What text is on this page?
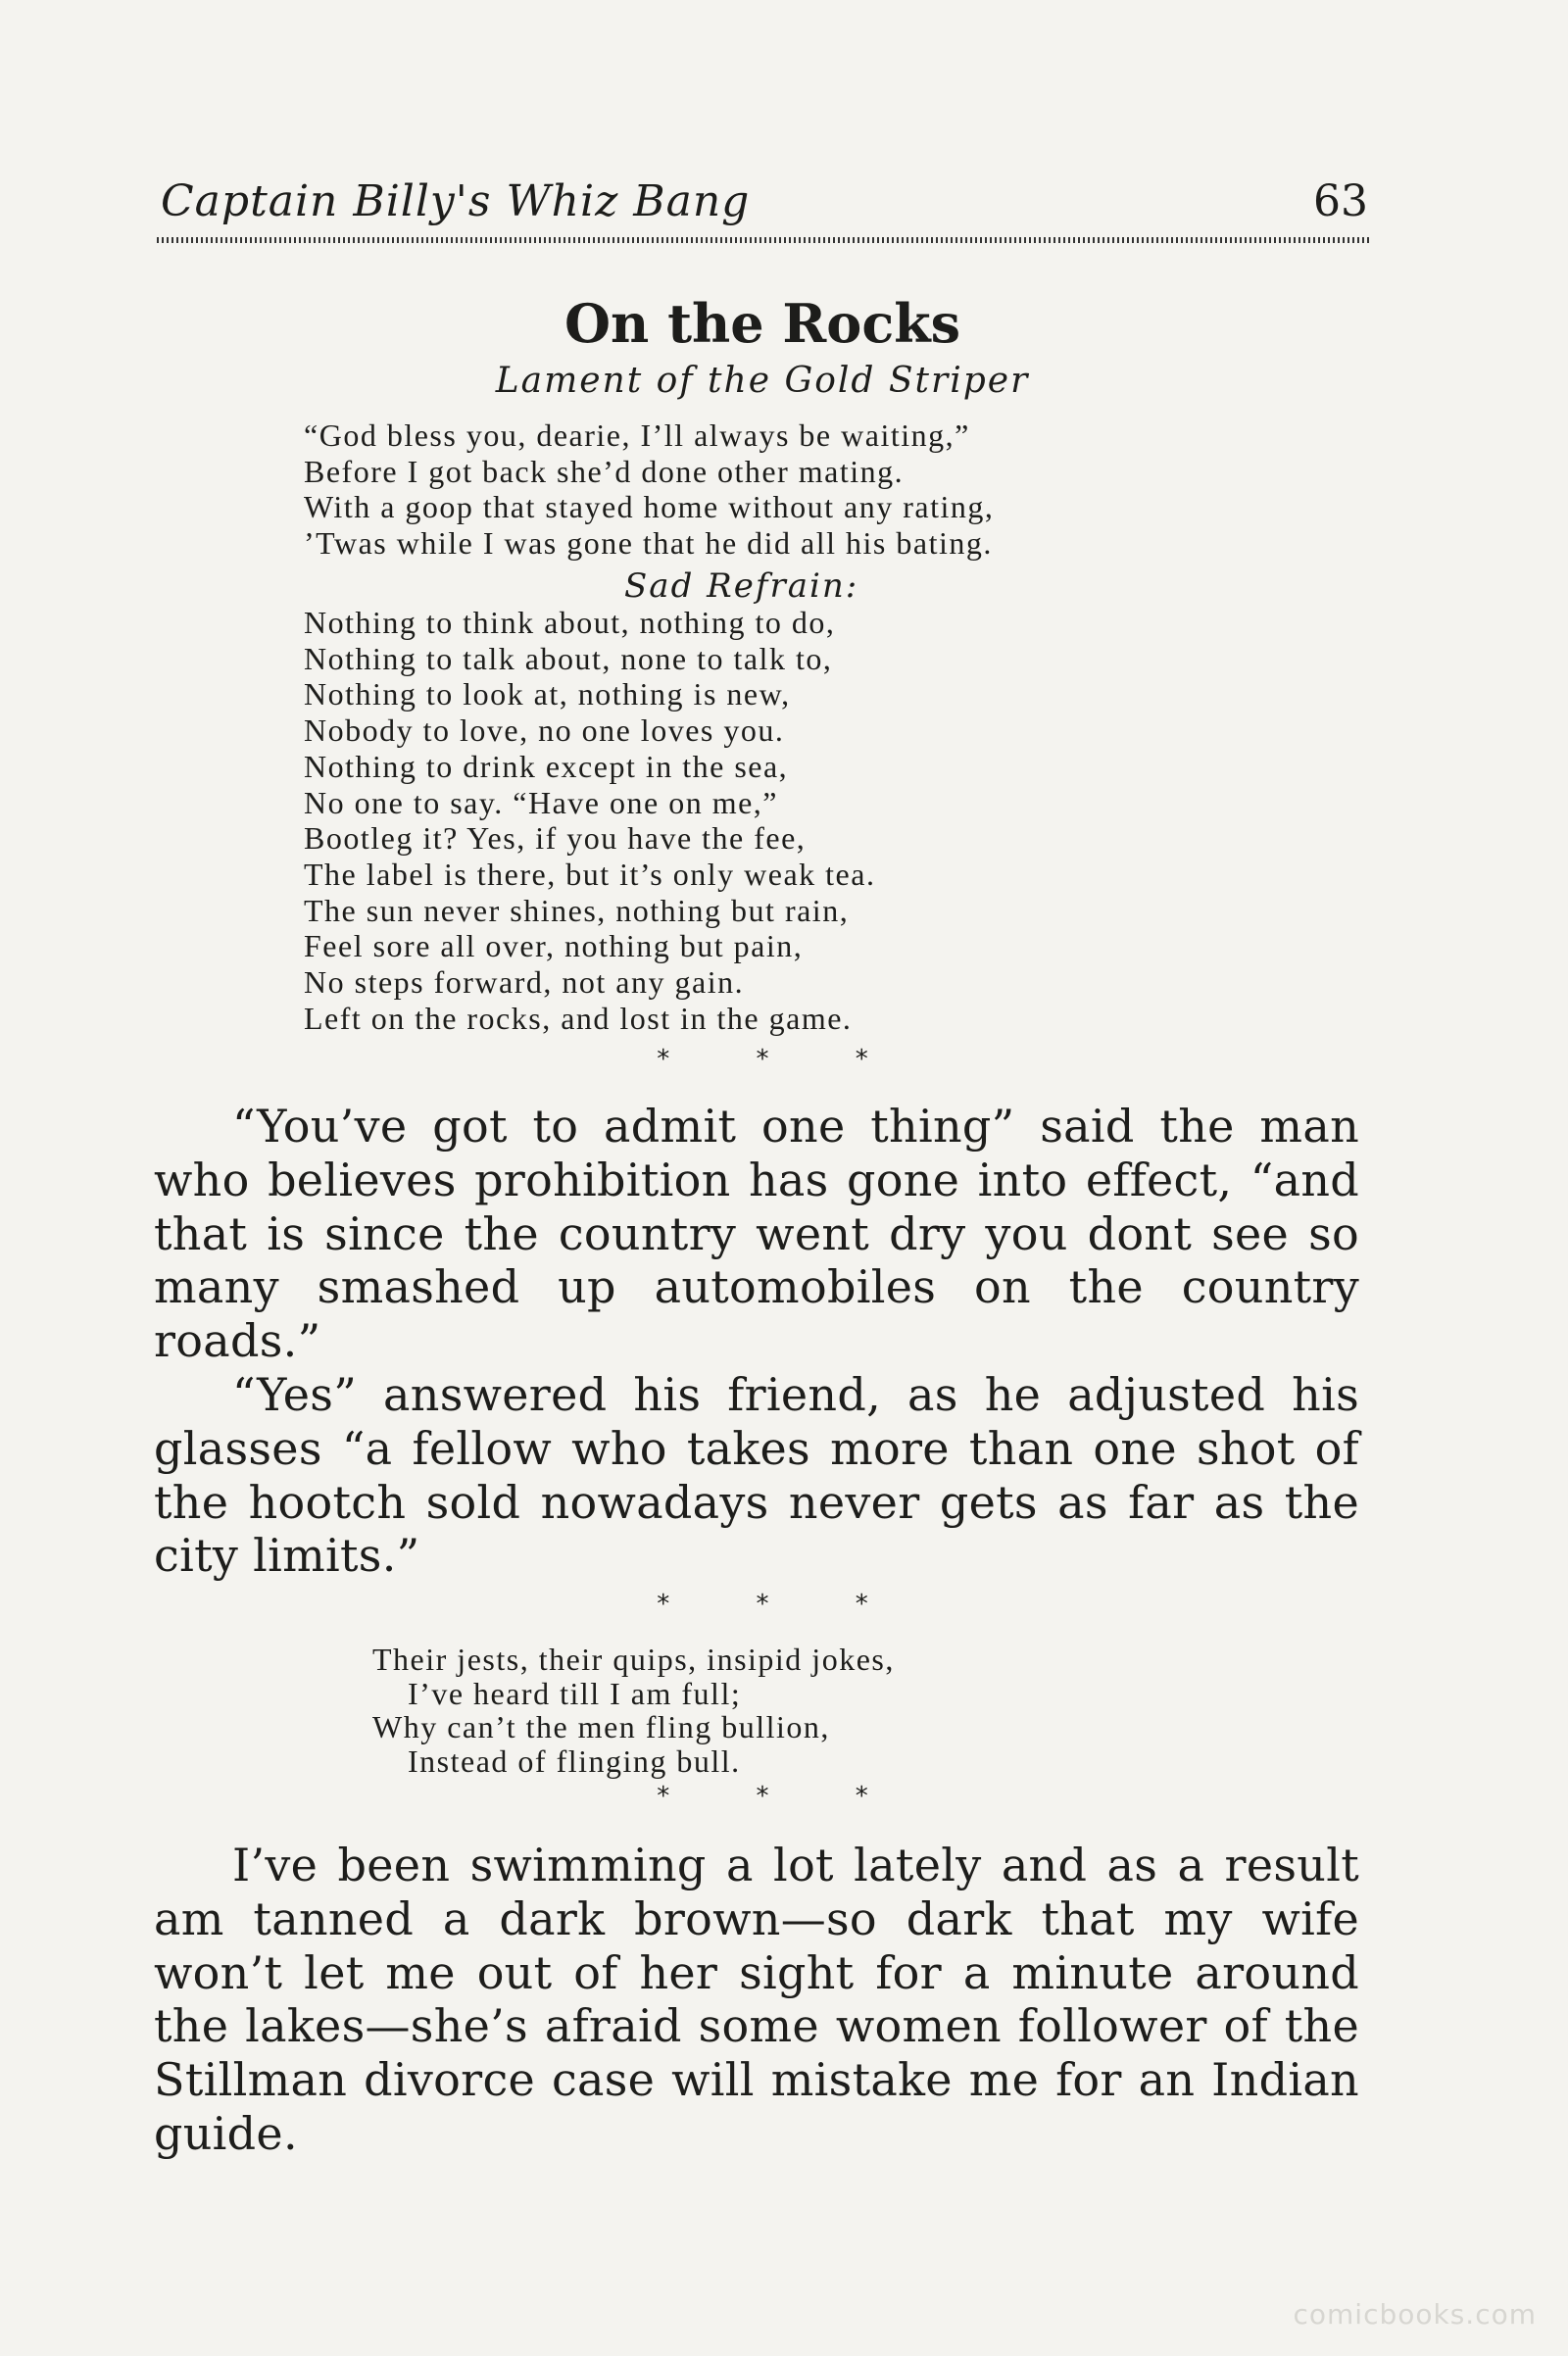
Captain Billy's Whiz Bang	63
On the Rocks
Lament of the Gold Striper
“God bless you, dearie, I’ll always be waiting,”
Before I got back she’d done other mating.
With a goop that stayed home without any rating,
’Twas while I was gone that he did all his bating.
Sad Refrain:
Nothing to think about, nothing to do,
Nothing to talk about, none to talk to,
Nothing to look at, nothing is new,
Nobody to love, no one loves you.
Nothing to drink except in the sea,
No one to say. “Have one on me,”
Bootleg it? Yes, if you have the fee,
The label is there, but it’s only weak tea.
The sun never shines, nothing but rain,
Feel sore all over, nothing but pain,
No steps forward, not any gain.
Left on the rocks, and lost in the game.
* * *

“You’ve got to admit one thing” said the man who believes prohibition has gone into effect, “and that is since the country went dry you dont see so many smashed up automobiles on the country roads.”

“Yes” answered his friend, as he adjusted his glasses “a fellow who takes more than one shot of the hootch sold nowadays never gets as far as the city limits.”

* * *
Their jests, their quips, insipid jokes,
I’ve heard till I am full;
Why can’t the men fling bullion,
Instead of flinging bull.
* * *

I’ve been swimming a lot lately and as a result am tanned a dark brown—so dark that my wife won’t let me out of her sight for a minute around the lakes—she’s afraid some women follower of the Stillman divorce case will mistake me for an Indian guide.

comicbooks.com
